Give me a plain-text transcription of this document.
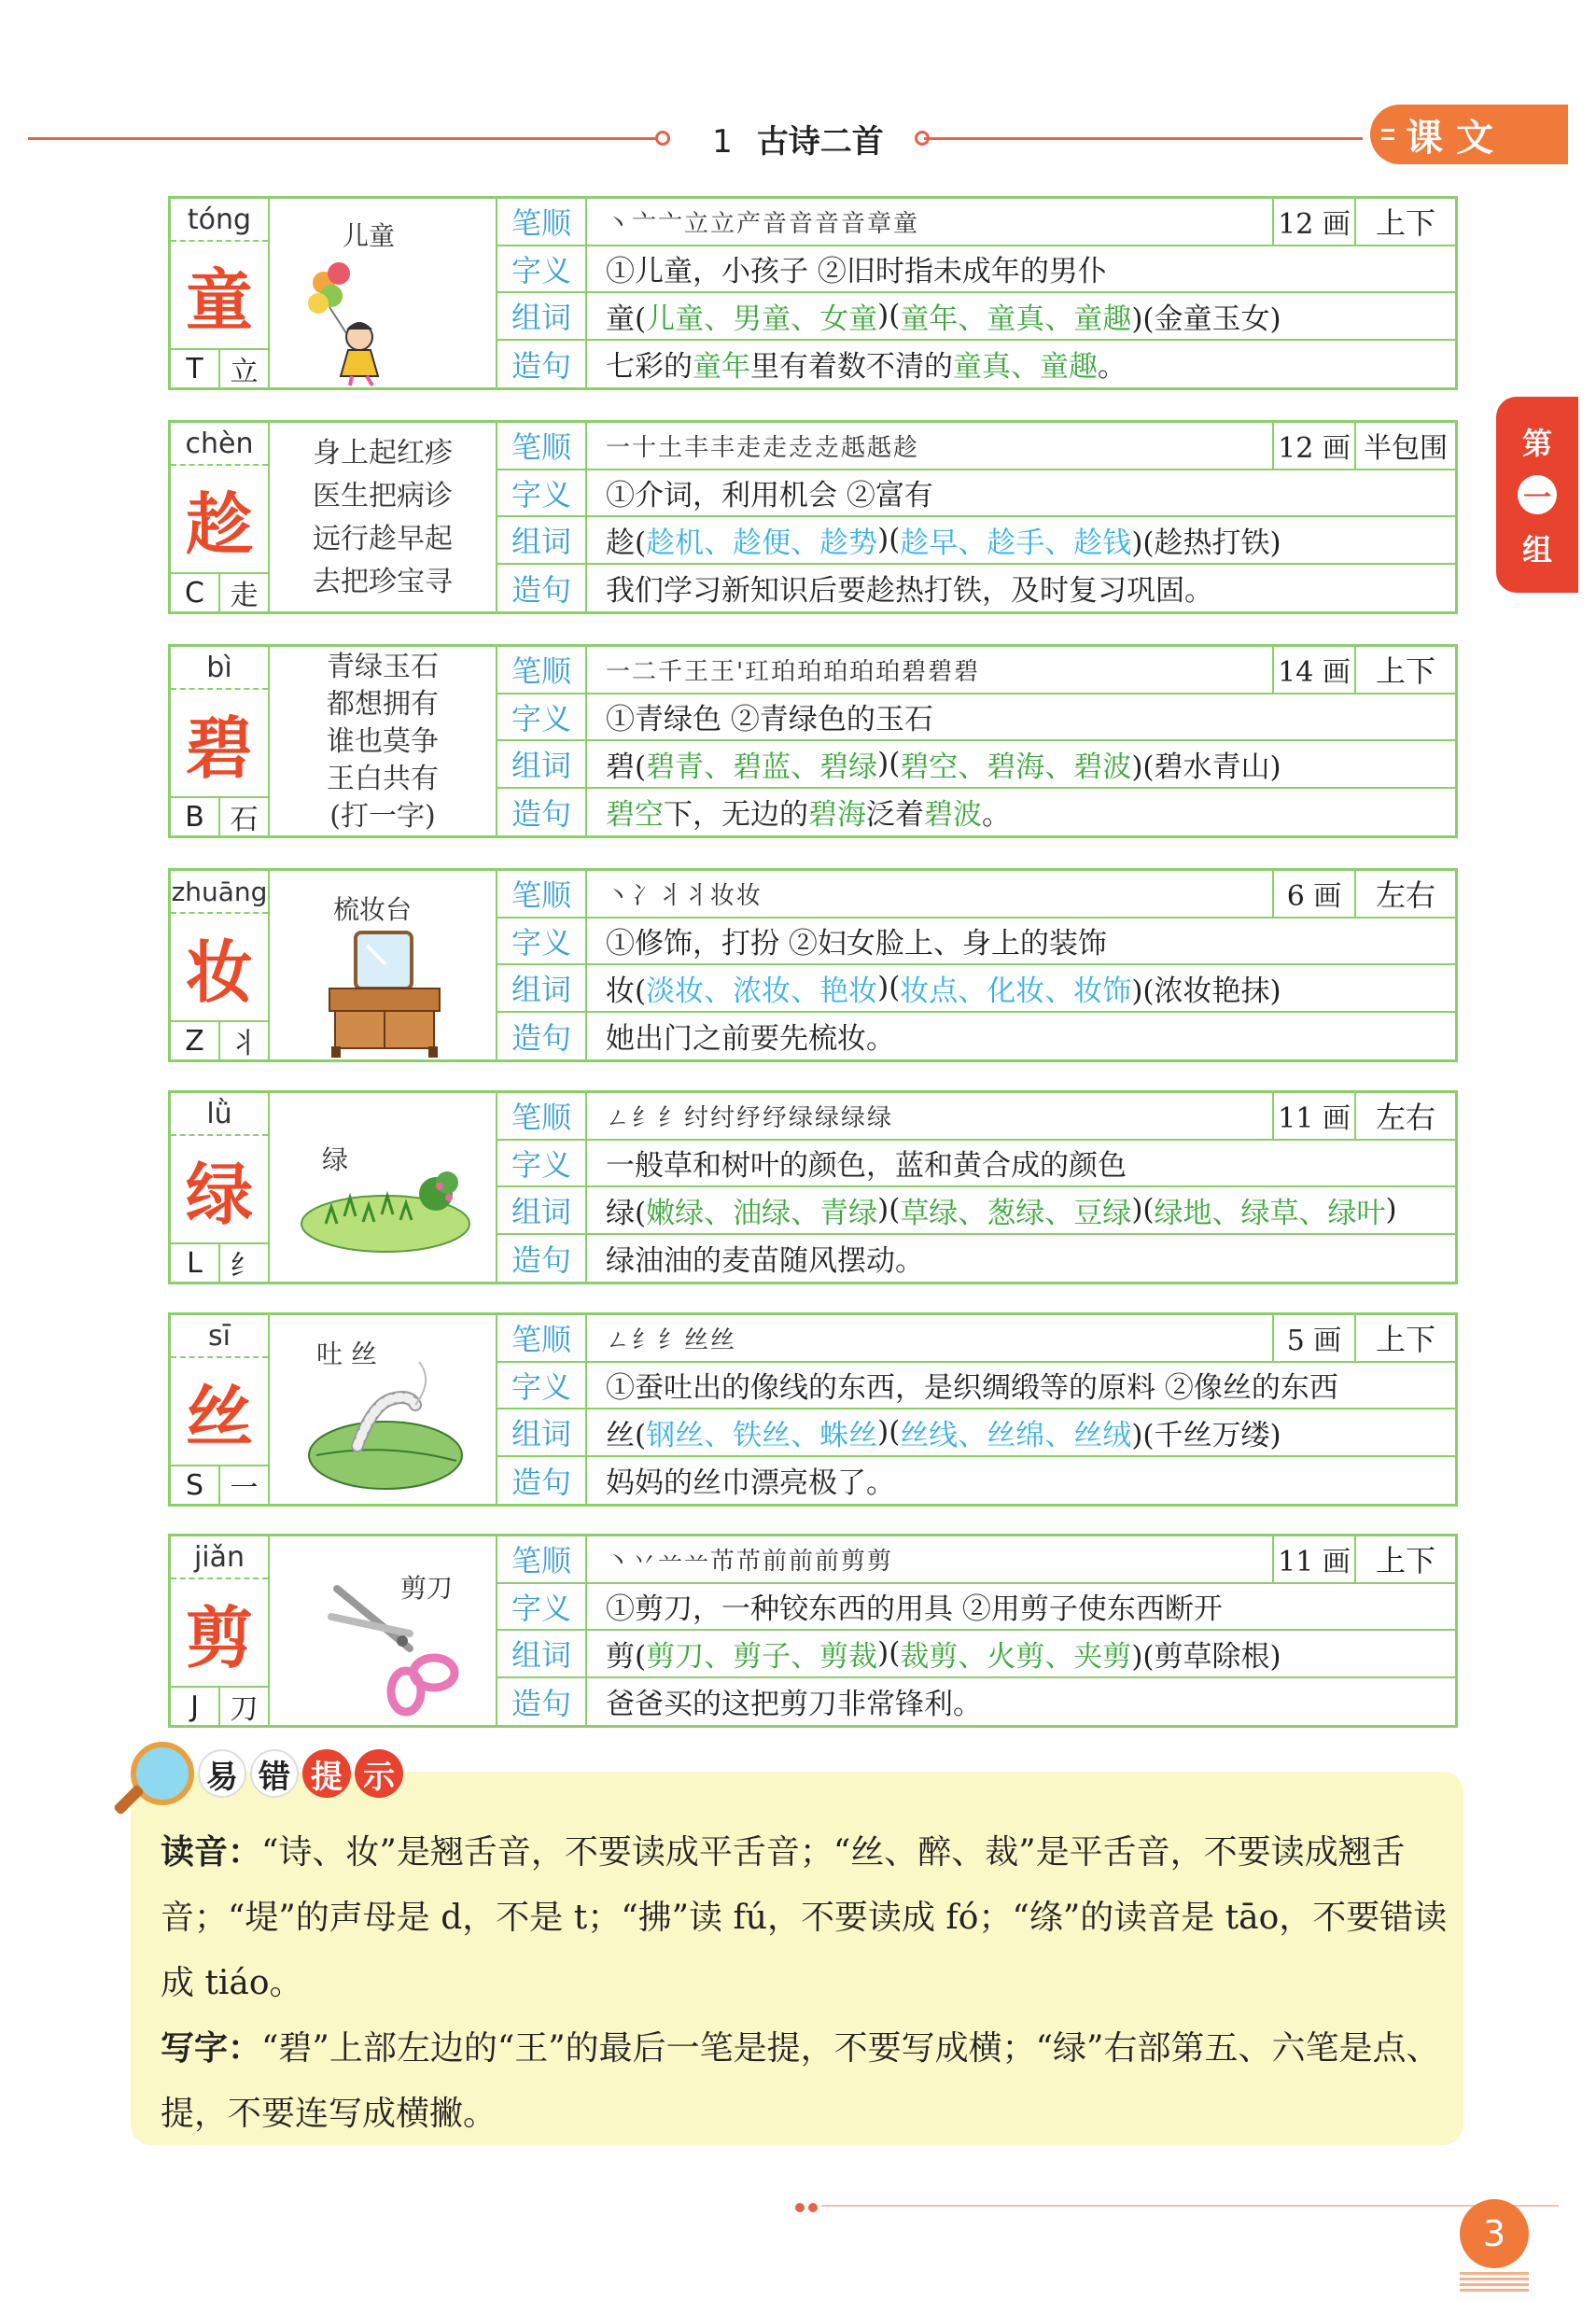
1 古诗二首	课文
第
一
组
tóng
童
T 立
儿童	笔顺	丶亠亠立立产音音音音章童	12 画 上下
字义	①儿童，小孩子 ②旧时指未成年的男仆
组词	童( 儿童、男童、女童 )( 童年、童真、童趣 )(金童玉女)
造句	七彩的 童年 里有着数不清的 童真、童趣 。
chèn
趁
C 走
身上起红疹
医生把病诊
远行趁早起
去把珍宝寻
笔顺	一十土丰丰走走赱赱赿赿趁	12 画 半包围
字义	①介词，利用机会 ②富有
组词	趁( 趁机、趁便、趁势 )( 趁早、趁手、趁钱 )(趁热打铁)
造句	我们学习新知识后要趁热打铁，及时复习巩固。
bì
碧
B 石
青绿玉石
都想拥有
谁也莫争
王白共有
(打一字)
笔顺	一二千王王'玒珀珀珀珀珀碧碧碧	14 画 上下
字义	①青绿色 ②青绿色的玉石
组词	碧( 碧青、碧蓝、碧绿 )( 碧空、碧海、碧波 )(碧水青山)
造句	碧空 下，无边的 碧海 泛着 碧波 。
zhuāng
妆
Z 丬
梳妆台	笔顺	丶冫丬丬妆妆	6 画	左右
字义	①修饰，打扮 ②妇女脸上、身上的装饰
组词	妆( 淡妆、浓妆、艳妆 )( 妆点、化妆、妆饰 )(浓妆艳抹)
造句	她出门之前要先梳妆。
lǜ
绿
L 纟
绿
笔顺	ㄥ纟纟纣纣纾纾绿绿绿绿	11 画 左右
字义	一般草和树叶的颜色，蓝和黄合成的颜色
组词	绿( 嫩绿、油绿、青绿 )( 草绿、葱绿、豆绿 )( 绿地、绿草、绿叶 )
造句	绿油油的麦苗随风摆动。
sī
丝
S 一
吐 丝	笔顺	ㄥ纟纟丝丝	5 画	上下
字义	①蚕吐出的像线的东西，是织绸缎等的原料 ②像丝的东西
组词	丝( 钢丝、铁丝、蛛丝 )( 丝线、丝绵、丝绒 )(千丝万缕)
造句	妈妈的丝巾漂亮极了。
jiǎn
剪
J	刀
剪刀
笔顺	丶丷䒑䒑芇芇前前前剪剪	11 画 上下
字义	①剪刀，一种铰东西的用具 ②用剪子使东西断开
组词	剪( 剪刀、剪子、剪裁 )( 裁剪、火剪、夹剪 )(剪草除根)
造句	爸爸买的这把剪刀非常锋利。
易 错 提 示

读音：“诗、妆”是翘舌音，不要读成平舌音；“丝、醉、裁”是平舌音，不要读成翘舌音；“堤”的声母是 d，不是 t；“拂”读 fú，不要读成 fó；“绦”的读音是 tāo，不要错读成 tiáo。

写字：“碧”上部左边的“王”的最后一笔是提，不要写成横；“绿”右部第五、六笔是点、提，不要连写成横撇。

3
